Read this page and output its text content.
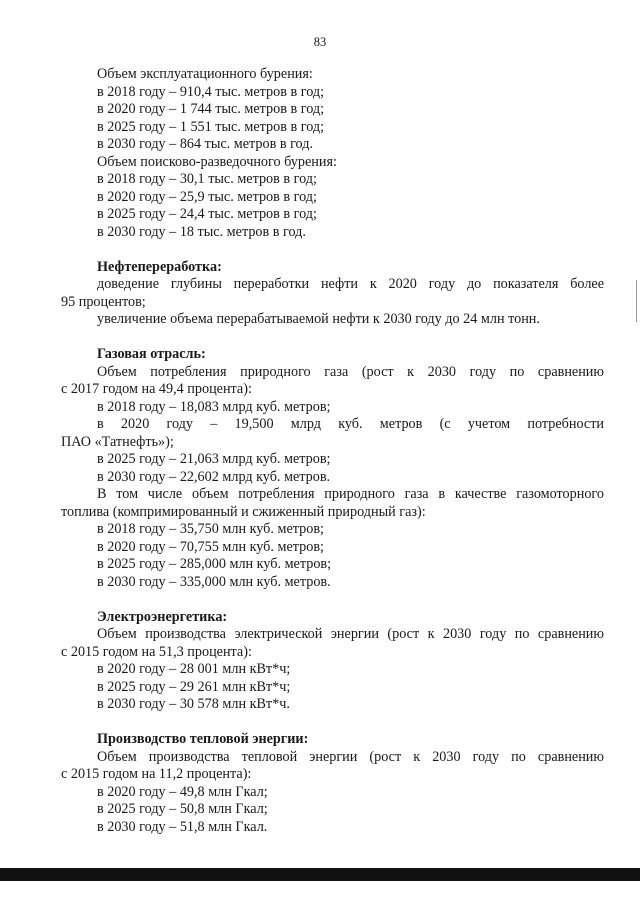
83
Объем эксплуатационного бурения:
в 2018 году – 910,4 тыс. метров в год;
в 2020 году – 1 744 тыс. метров в год;
в 2025 году – 1 551 тыс. метров в год;
в 2030 году – 864 тыс. метров в год.
Объем поисково-разведочного бурения:
в 2018 году – 30,1 тыс. метров в год;
в 2020 году – 25,9 тыс. метров в год;
в 2025 году – 24,4 тыс. метров в год;
в 2030 году – 18 тыс. метров в год.
Нефтепереработка:
доведение глубины переработки нефти к 2020 году до показателя более
95 процентов;
увеличение объема перерабатываемой нефти к 2030 году до 24 млн тонн.
Газовая отрасль:
Объем потребления природного газа (рост к 2030 году по сравнению
с 2017 годом на 49,4 процента):
в 2018 году – 18,083 млрд куб. метров;
в 2020 году – 19,500 млрд куб. метров (с учетом потребности
ПАО «Татнефть»);
в 2025 году – 21,063 млрд куб. метров;
в 2030 году – 22,602 млрд куб. метров.
В том числе объем потребления природного газа в качестве газомоторного
топлива (компримированный и сжиженный природный газ):
в 2018 году – 35,750 млн куб. метров;
в 2020 году – 70,755 млн куб. метров;
в 2025 году – 285,000 млн куб. метров;
в 2030 году – 335,000 млн куб. метров.
Электроэнергетика:
Объем производства электрической энергии (рост к 2030 году по сравнению
с 2015 годом на 51,3 процента):
в 2020 году – 28 001 млн кВт*ч;
в 2025 году – 29 261 млн кВт*ч;
в 2030 году – 30 578 млн кВт*ч.
Производство тепловой энергии:
Объем производства тепловой энергии (рост к 2030 году по сравнению
с 2015 годом на 11,2 процента):
в 2020 году – 49,8 млн Гкал;
в 2025 году – 50,8 млн Гкал;
в 2030 году – 51,8 млн Гкал.
